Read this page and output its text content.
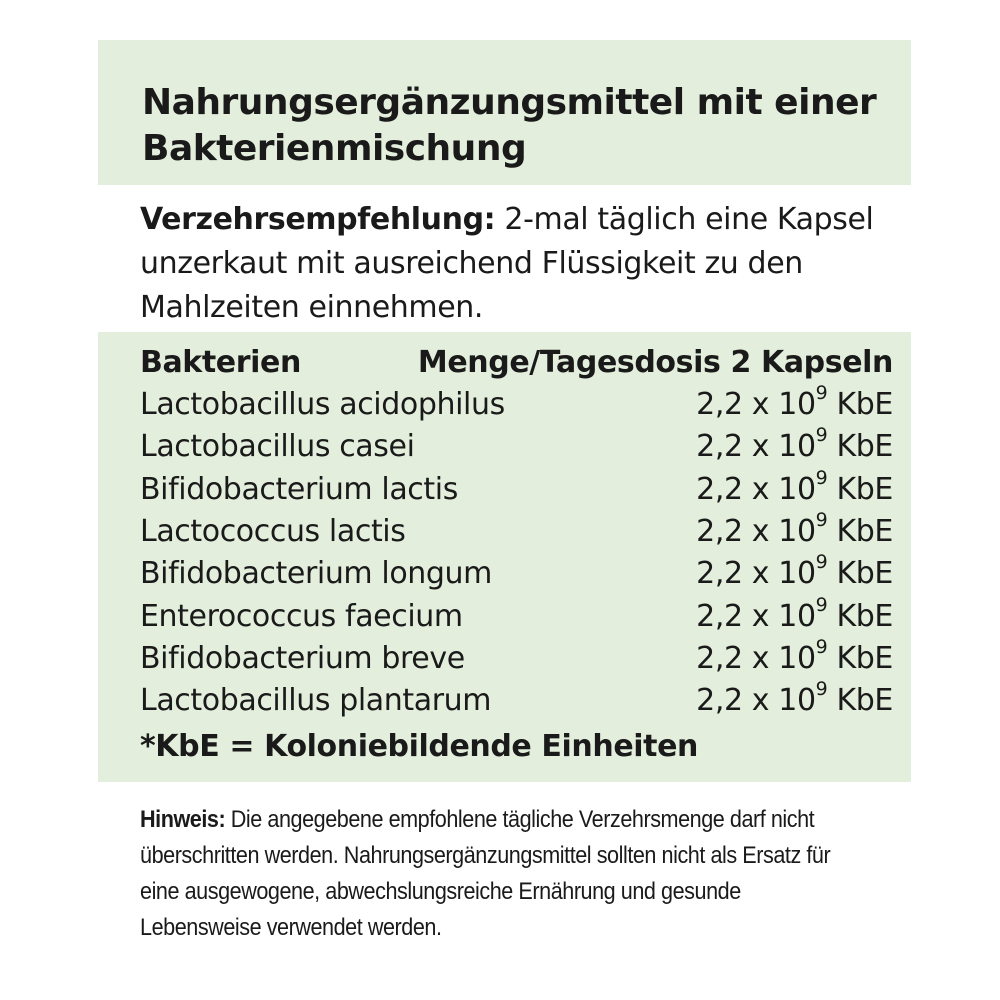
Nahrungsergänzungsmittel mit einer Bakterienmischung

Verzehrsempfehlung: 2-mal täglich eine Kapsel unzerkaut mit ausreichend Flüssigkeit zu den Mahlzeiten einnehmen.

Bakterien	Menge/Tagesdosis 2 Kapseln
Lactobacillus acidophilus	2,2 x $10^9$ KbE
Lactobacillus casei	2,2 x $10^9$ KbE
Bifidobacterium lactis	2,2 x $10^9$ KbE
Lactococcus lactis	2,2 x $10^9$ KbE
Bifidobacterium longum	2,2 x $10^9$ KbE
Enterococcus faecium	2,2 x $10^9$ KbE
Bifidobacterium breve	2,2 x $10^9$ KbE
Lactobacillus plantarum	2,2 x $10^9$ KbE
*KbE = Koloniebildende Einheiten

Hinweis: Die angegebene empfohlene tägliche Verzehrsmenge darf nicht überschritten werden. Nahrungsergänzungsmittel sollten nicht als Ersatz für eine ausgewogene, abwechslungsreiche Ernährung und gesunde Lebensweise verwendet werden.
